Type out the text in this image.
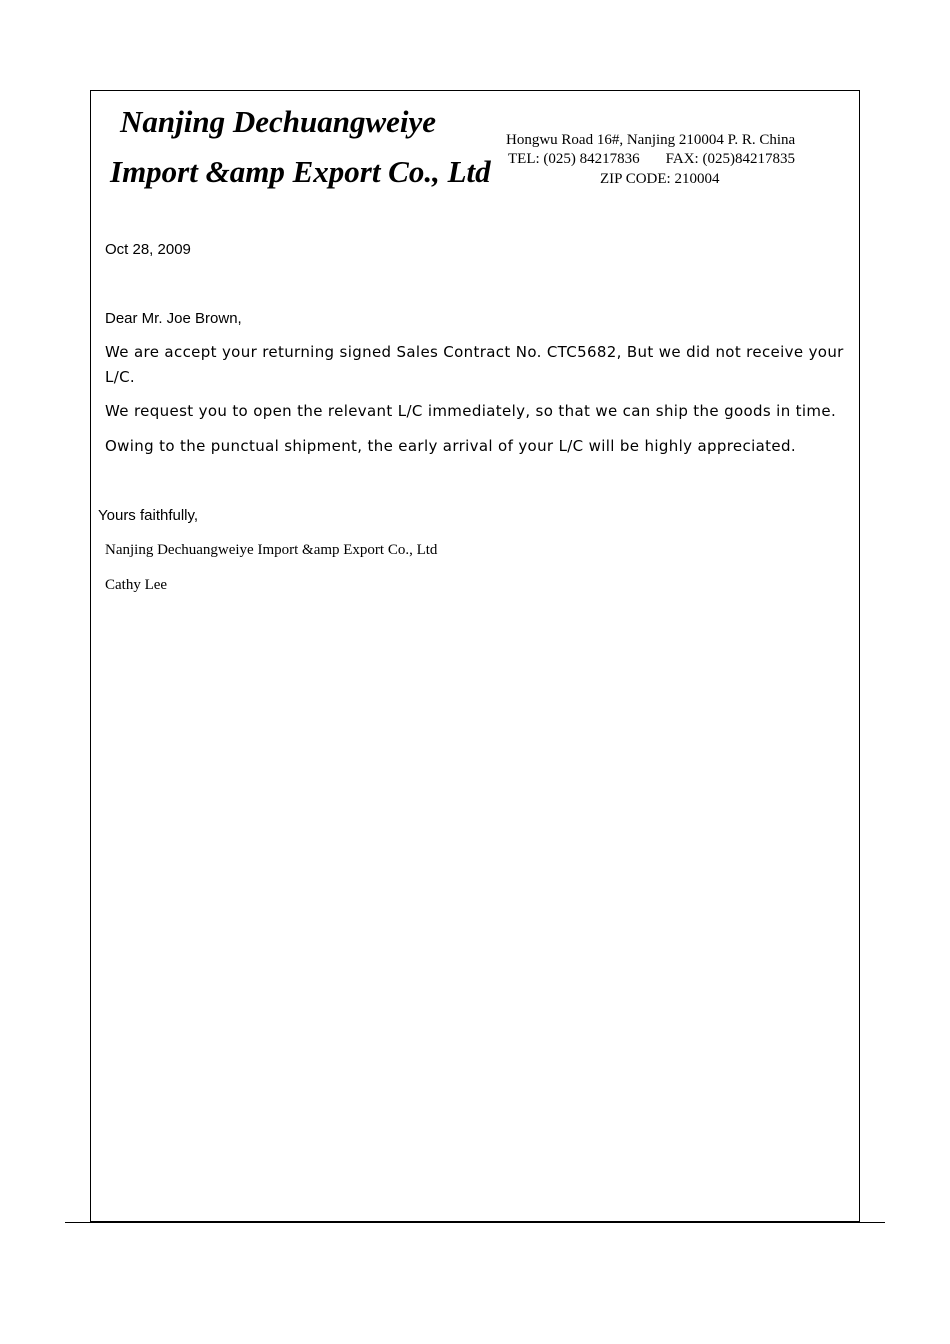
Nanjing Dechuangweiye
Import &amp Export Co., Ltd
Hongwu Road 16#, Nanjing 210004 P. R. China
TEL: (025) 84217836 FAX: (025)84217835
ZIP CODE: 210004
Oct 28, 2009
Dear Mr. Joe Brown,
We are accept your returning signed Sales Contract No. CTC5682, But we did not receive your L/C.
We request you to open the relevant L/C immediately, so that we can ship the goods in time.
Owing to the punctual shipment, the early arrival of your L/C will be highly appreciated.
Yours faithfully,
Nanjing Dechuangweiye Import &amp Export Co., Ltd
Cathy Lee
